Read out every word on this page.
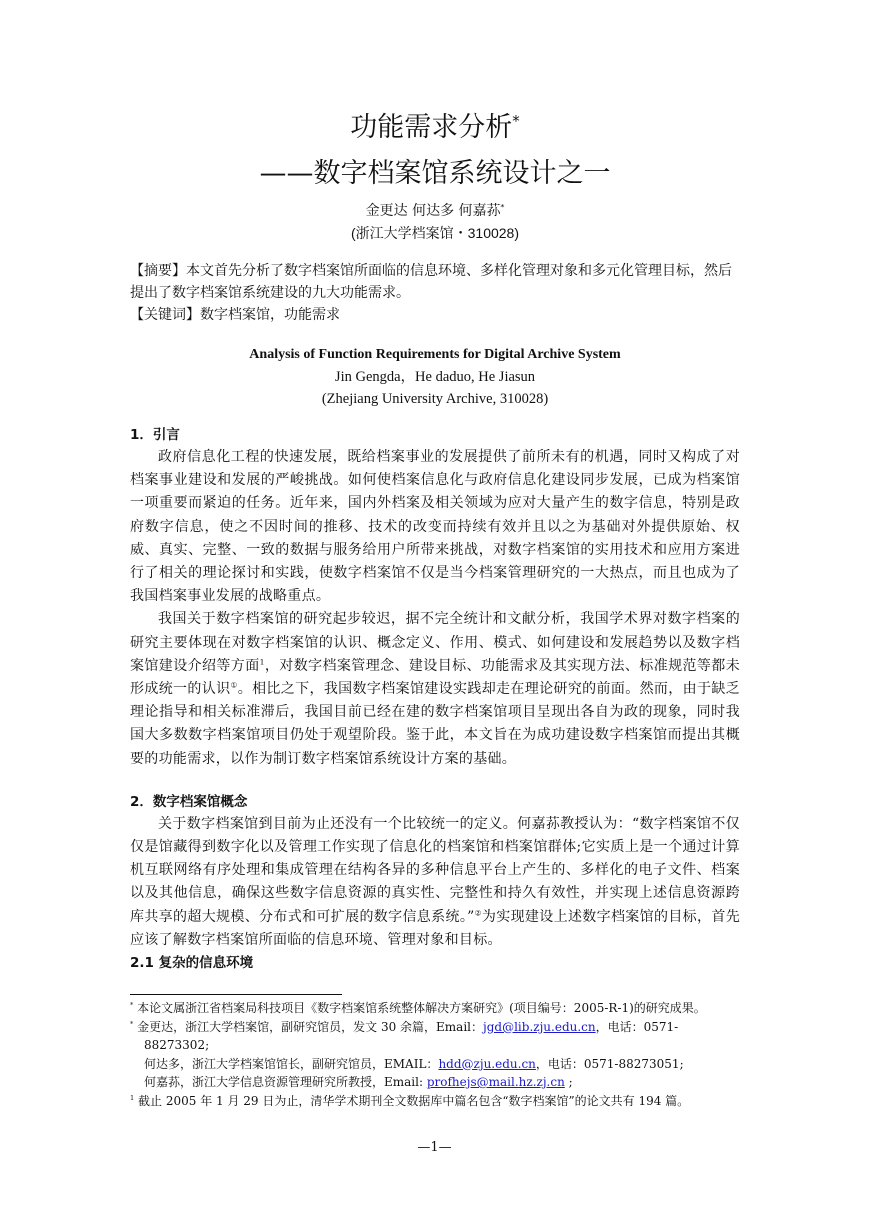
功能需求分析*
——数字档案馆系统设计之一
金更达 何达多 何嘉荪*
(浙江大学档案馆・310028)
【摘要】本文首先分析了数字档案馆所面临的信息环境、多样化管理对象和多元化管理目标，然后提出了数字档案馆系统建设的九大功能需求。
【关键词】数字档案馆，功能需求
Analysis of Function Requirements for Digital Archive System
Jin Gengda，He daduo, He Jiasun
(Zhejiang University Archive, 310028)
1．引言

政府信息化工程的快速发展，既给档案事业的发展提供了前所未有的机遇，同时又构成了对档案事业建设和发展的严峻挑战。如何使档案信息化与政府信息化建设同步发展，已成为档案馆一项重要而紧迫的任务。近年来，国内外档案及相关领域为应对大量产生的数字信息，特别是政府数字信息，使之不因时间的推移、技术的改变而持续有效并且以之为基础对外提供原始、权威、真实、完整、一致的数据与服务给用户所带来挑战，对数字档案馆的实用技术和应用方案进行了相关的理论探讨和实践，使数字档案馆不仅是当今档案管理研究的一大热点，而且也成为了我国档案事业发展的战略重点。

我国关于数字档案馆的研究起步较迟，据不完全统计和文献分析，我国学术界对数字档案的研究主要体现在对数字档案馆的认识、概念定义、作用、模式、如何建设和发展趋势以及数字档案馆建设介绍等方面$^1$，对数字档案管理念、建设目标、功能需求及其实现方法、标准规范等都未形成统一的认识①。相比之下，我国数字档案馆建设实践却走在理论研究的前面。然而，由于缺乏理论指导和相关标准滞后，我国目前已经在建的数字档案馆项目呈现出各自为政的现象，同时我国大多数数字档案馆项目仍处于观望阶段。鉴于此，本文旨在为成功建设数字档案馆而提出其概要的功能需求，以作为制订数字档案馆系统设计方案的基础。

2．数字档案馆概念

关于数字档案馆到目前为止还没有一个比较统一的定义。何嘉荪教授认为：“数字档案馆不仅仅是馆藏得到数字化以及管理工作实现了信息化的档案馆和档案馆群体;它实质上是一个通过计算机互联网络有序处理和集成管理在结构各异的多种信息平台上产生的、多样化的电子文件、档案以及其他信息，确保这些数字信息资源的真实性、完整性和持久有效性，并实现上述信息资源跨库共享的超大规模、分布式和可扩展的数字信息系统。”②为实现建设上述数字档案馆的目标，首先应该了解数字档案馆所面临的信息环境、管理对象和目标。

2.1 复杂的信息环境
* 本论文属浙江省档案局科技项目《数字档案馆系统整体解决方案研究》(项目编号：2005-R-1)的研究成果。
* 金更达，浙江大学档案馆，副研究馆员，发文 30 余篇，Email：jgd@lib.zju.edu.cn，电话：0571-88273302;
何达多，浙江大学档案馆馆长，副研究馆员，EMAIL：hdd@zju.edu.cn，电话：0571-88273051;
何嘉荪，浙江大学信息资源管理研究所教授，Email: profhejs@mail.hz.zj.cn ;
$^1$ 截止 2005 年 1 月 29 日为止，清华学术期刊全文数据库中篇名包含“数字档案馆”的论文共有 194 篇。
—1—
